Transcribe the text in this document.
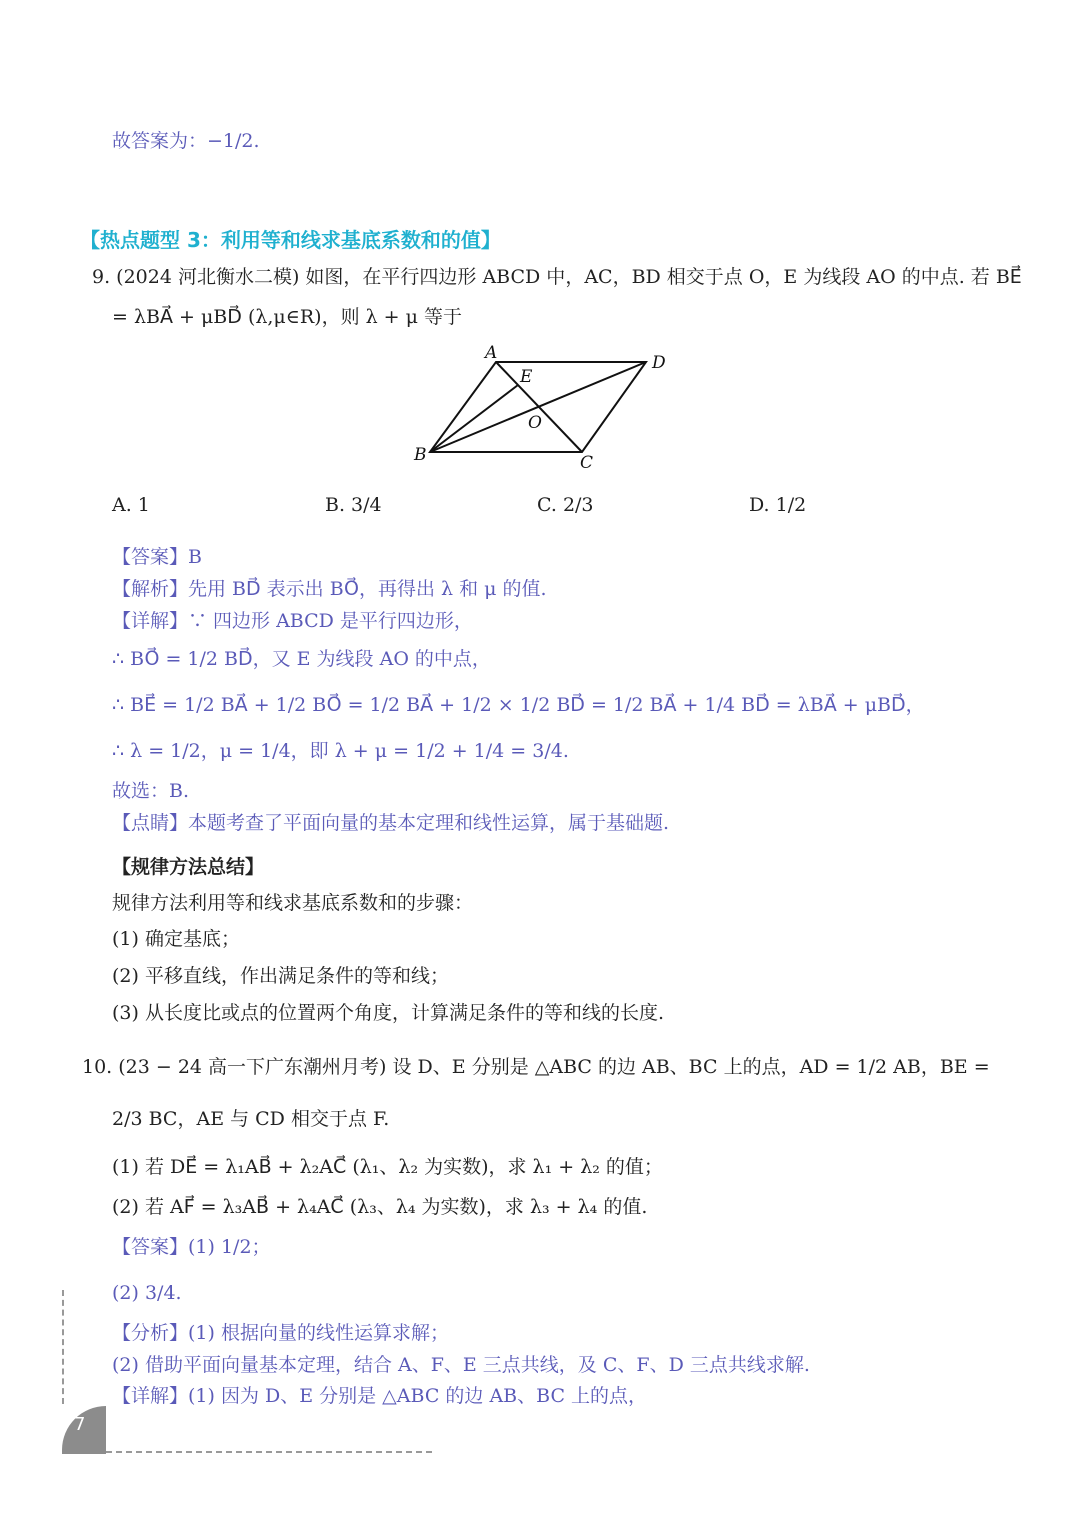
故答案为：−1/2.
【热点题型 3：利用等和线求基底系数和的值】
9. (2024 河北衡水二模) 如图，在平行四边形 ABCD 中，AC，BD 相交于点 O，E 为线段 AO 的中点. 若 BE⃗
= λBA⃗ + μBD⃗ (λ,μ∈R)，则 λ + μ 等于
A	D
E
O
B	C
A. 1	B. 3/4	C. 2/3	D. 1/2
【答案】B
【解析】先用 BD⃗ 表示出 BO⃗，再得出 λ 和 μ 的值.
【详解】∵ 四边形 ABCD 是平行四边形，
∴ BO⃗ = 1/2 BD⃗，又 E 为线段 AO 的中点，
∴ BE⃗ = 1/2 BA⃗ + 1/2 BO⃗ = 1/2 BA⃗ + 1/2 × 1/2 BD⃗ = 1/2 BA⃗ + 1/4 BD⃗ = λBA⃗ + μBD⃗，
∴ λ = 1/2，μ = 1/4，即 λ + μ = 1/2 + 1/4 = 3/4.
故选：B.
【点睛】本题考查了平面向量的基本定理和线性运算，属于基础题.
【规律方法总结】
规律方法利用等和线求基底系数和的步骤：
(1) 确定基底；
(2) 平移直线，作出满足条件的等和线；
(3) 从长度比或点的位置两个角度，计算满足条件的等和线的长度.
10. (23 − 24 高一下广东潮州月考) 设 D、E 分别是 △ABC 的边 AB、BC 上的点，AD = 1/2 AB，BE =
2/3 BC，AE 与 CD 相交于点 F.
(1) 若 DE⃗ = λ₁AB⃗ + λ₂AC⃗ (λ₁、λ₂ 为实数)，求 λ₁ + λ₂ 的值；
(2) 若 AF⃗ = λ₃AB⃗ + λ₄AC⃗ (λ₃、λ₄ 为实数)，求 λ₃ + λ₄ 的值.
【答案】(1) 1/2；
(2) 3/4.
【分析】(1) 根据向量的线性运算求解；
(2) 借助平面向量基本定理，结合 A、F、E 三点共线，及 C、F、D 三点共线求解.
【详解】(1) 因为 D、E 分别是 △ABC 的边 AB、BC 上的点，
7
